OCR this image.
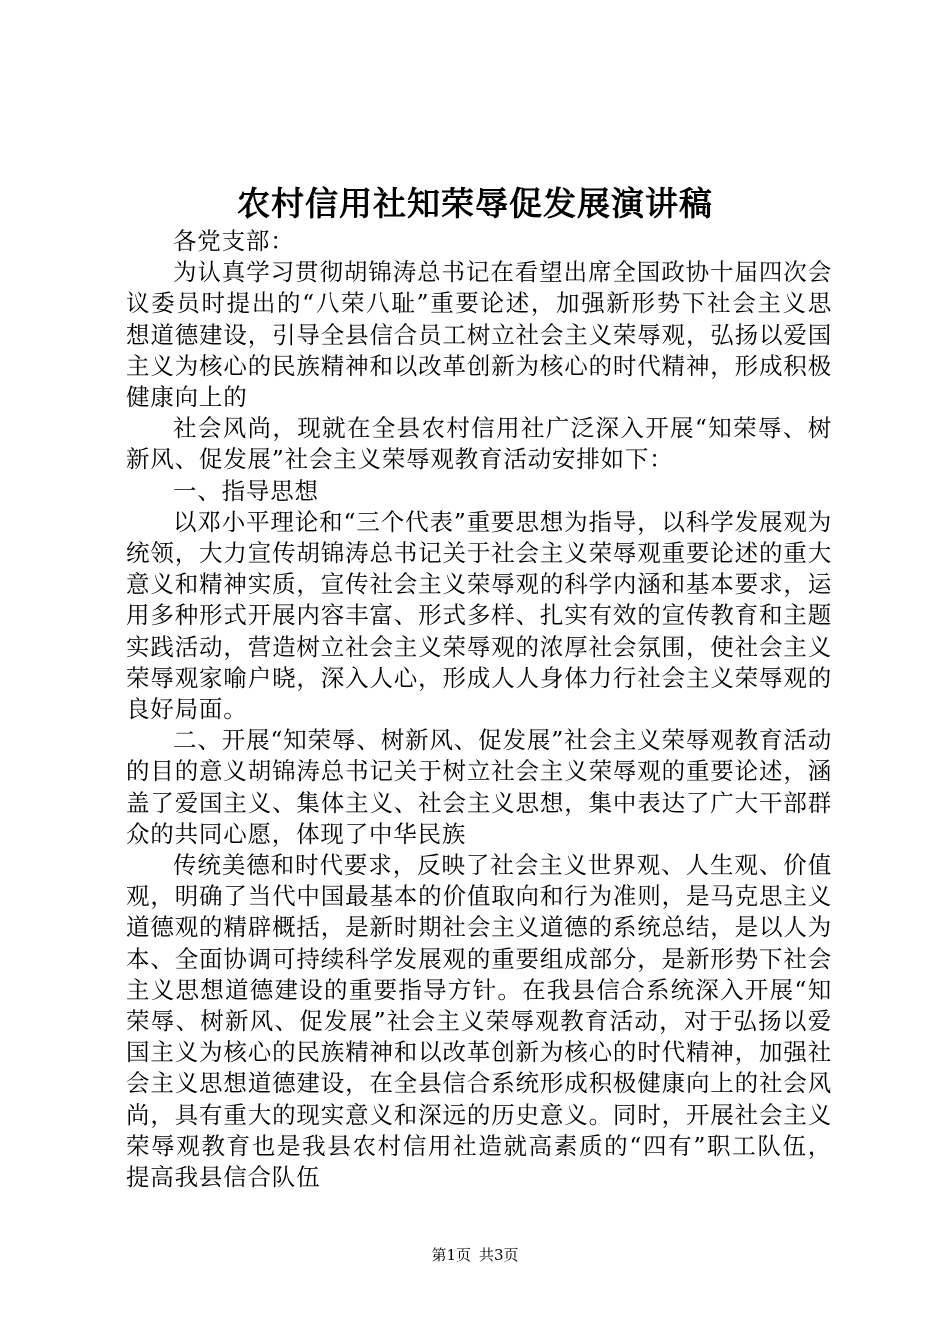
农村信用社知荣辱促发展演讲稿

各党支部：

为认真学习贯彻胡锦涛总书记在看望出席全国政协十届四次会议委员时提出的“八荣八耻”重要论述，加强新形势下社会主义思想道德建设，引导全县信合员工树立社会主义荣辱观，弘扬以爱国主义为核心的民族精神和以改革创新为核心的时代精神，形成积极健康向上的

社会风尚，现就在全县农村信用社广泛深入开展“知荣辱、树新风、促发展”社会主义荣辱观教育活动安排如下：

一、指导思想

以邓小平理论和“三个代表”重要思想为指导，以科学发展观为统领，大力宣传胡锦涛总书记关于社会主义荣辱观重要论述的重大意义和精神实质，宣传社会主义荣辱观的科学内涵和基本要求，运用多种形式开展内容丰富、形式多样、扎实有效的宣传教育和主题实践活动，营造树立社会主义荣辱观的浓厚社会氛围，使社会主义荣辱观家喻户晓，深入人心，形成人人身体力行社会主义荣辱观的良好局面。

二、开展“知荣辱、树新风、促发展”社会主义荣辱观教育活动的目的意义胡锦涛总书记关于树立社会主义荣辱观的重要论述，涵盖了爱国主义、集体主义、社会主义思想，集中表达了广大干部群众的共同心愿，体现了中华民族

传统美德和时代要求，反映了社会主义世界观、人生观、价值观，明确了当代中国最基本的价值取向和行为准则，是马克思主义道德观的精辟概括，是新时期社会主义道德的系统总结，是以人为本、全面协调可持续科学发展观的重要组成部分，是新形势下社会主义思想道德建设的重要指导方针。在我县信合系统深入开展“知荣辱、树新风、促发展”社会主义荣辱观教育活动，对于弘扬以爱国主义为核心的民族精神和以改革创新为核心的时代精神，加强社会主义思想道德建设，在全县信合系统形成积极健康向上的社会风尚，具有重大的现实意义和深远的历史意义。同时，开展社会主义荣辱观教育也是我县农村信用社造就高素质的“四有”职工队伍，提高我县信合队伍

第1页 共3页
